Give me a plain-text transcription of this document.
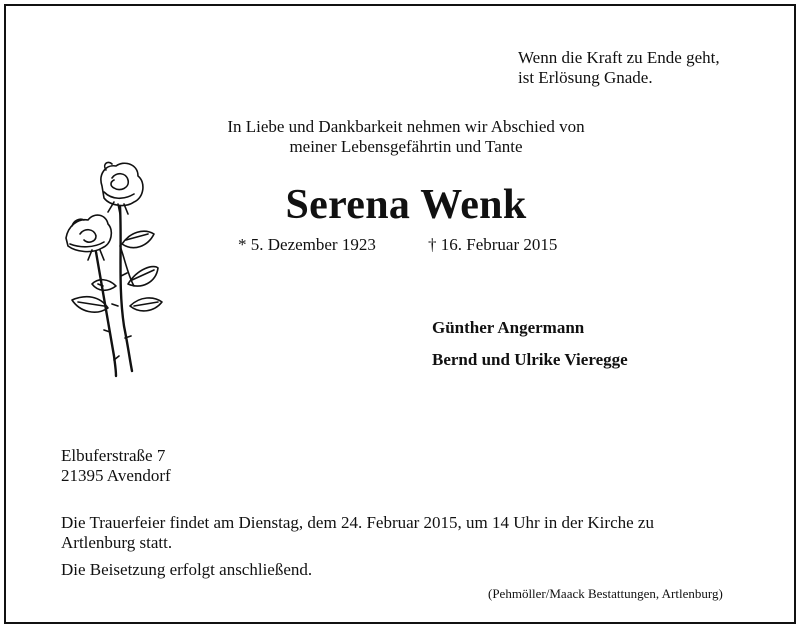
Wenn die Kraft zu Ende geht,
ist Erlösung Gnade.
In Liebe und Dankbarkeit nehmen wir Abschied von
meiner Lebensgefährtin und Tante
Serena Wenk
* 5. Dezember 1923	† 16. Februar 2015
Günther Angermann
Bernd und Ulrike Vieregge
Elbuferstraße 7
21395 Avendorf
Die Trauerfeier findet am Dienstag, dem 24. Februar 2015, um 14 Uhr in der Kirche zu
Artlenburg statt.
Die Beisetzung erfolgt anschließend.
(Pehmöller/Maack Bestattungen, Artlenburg)
